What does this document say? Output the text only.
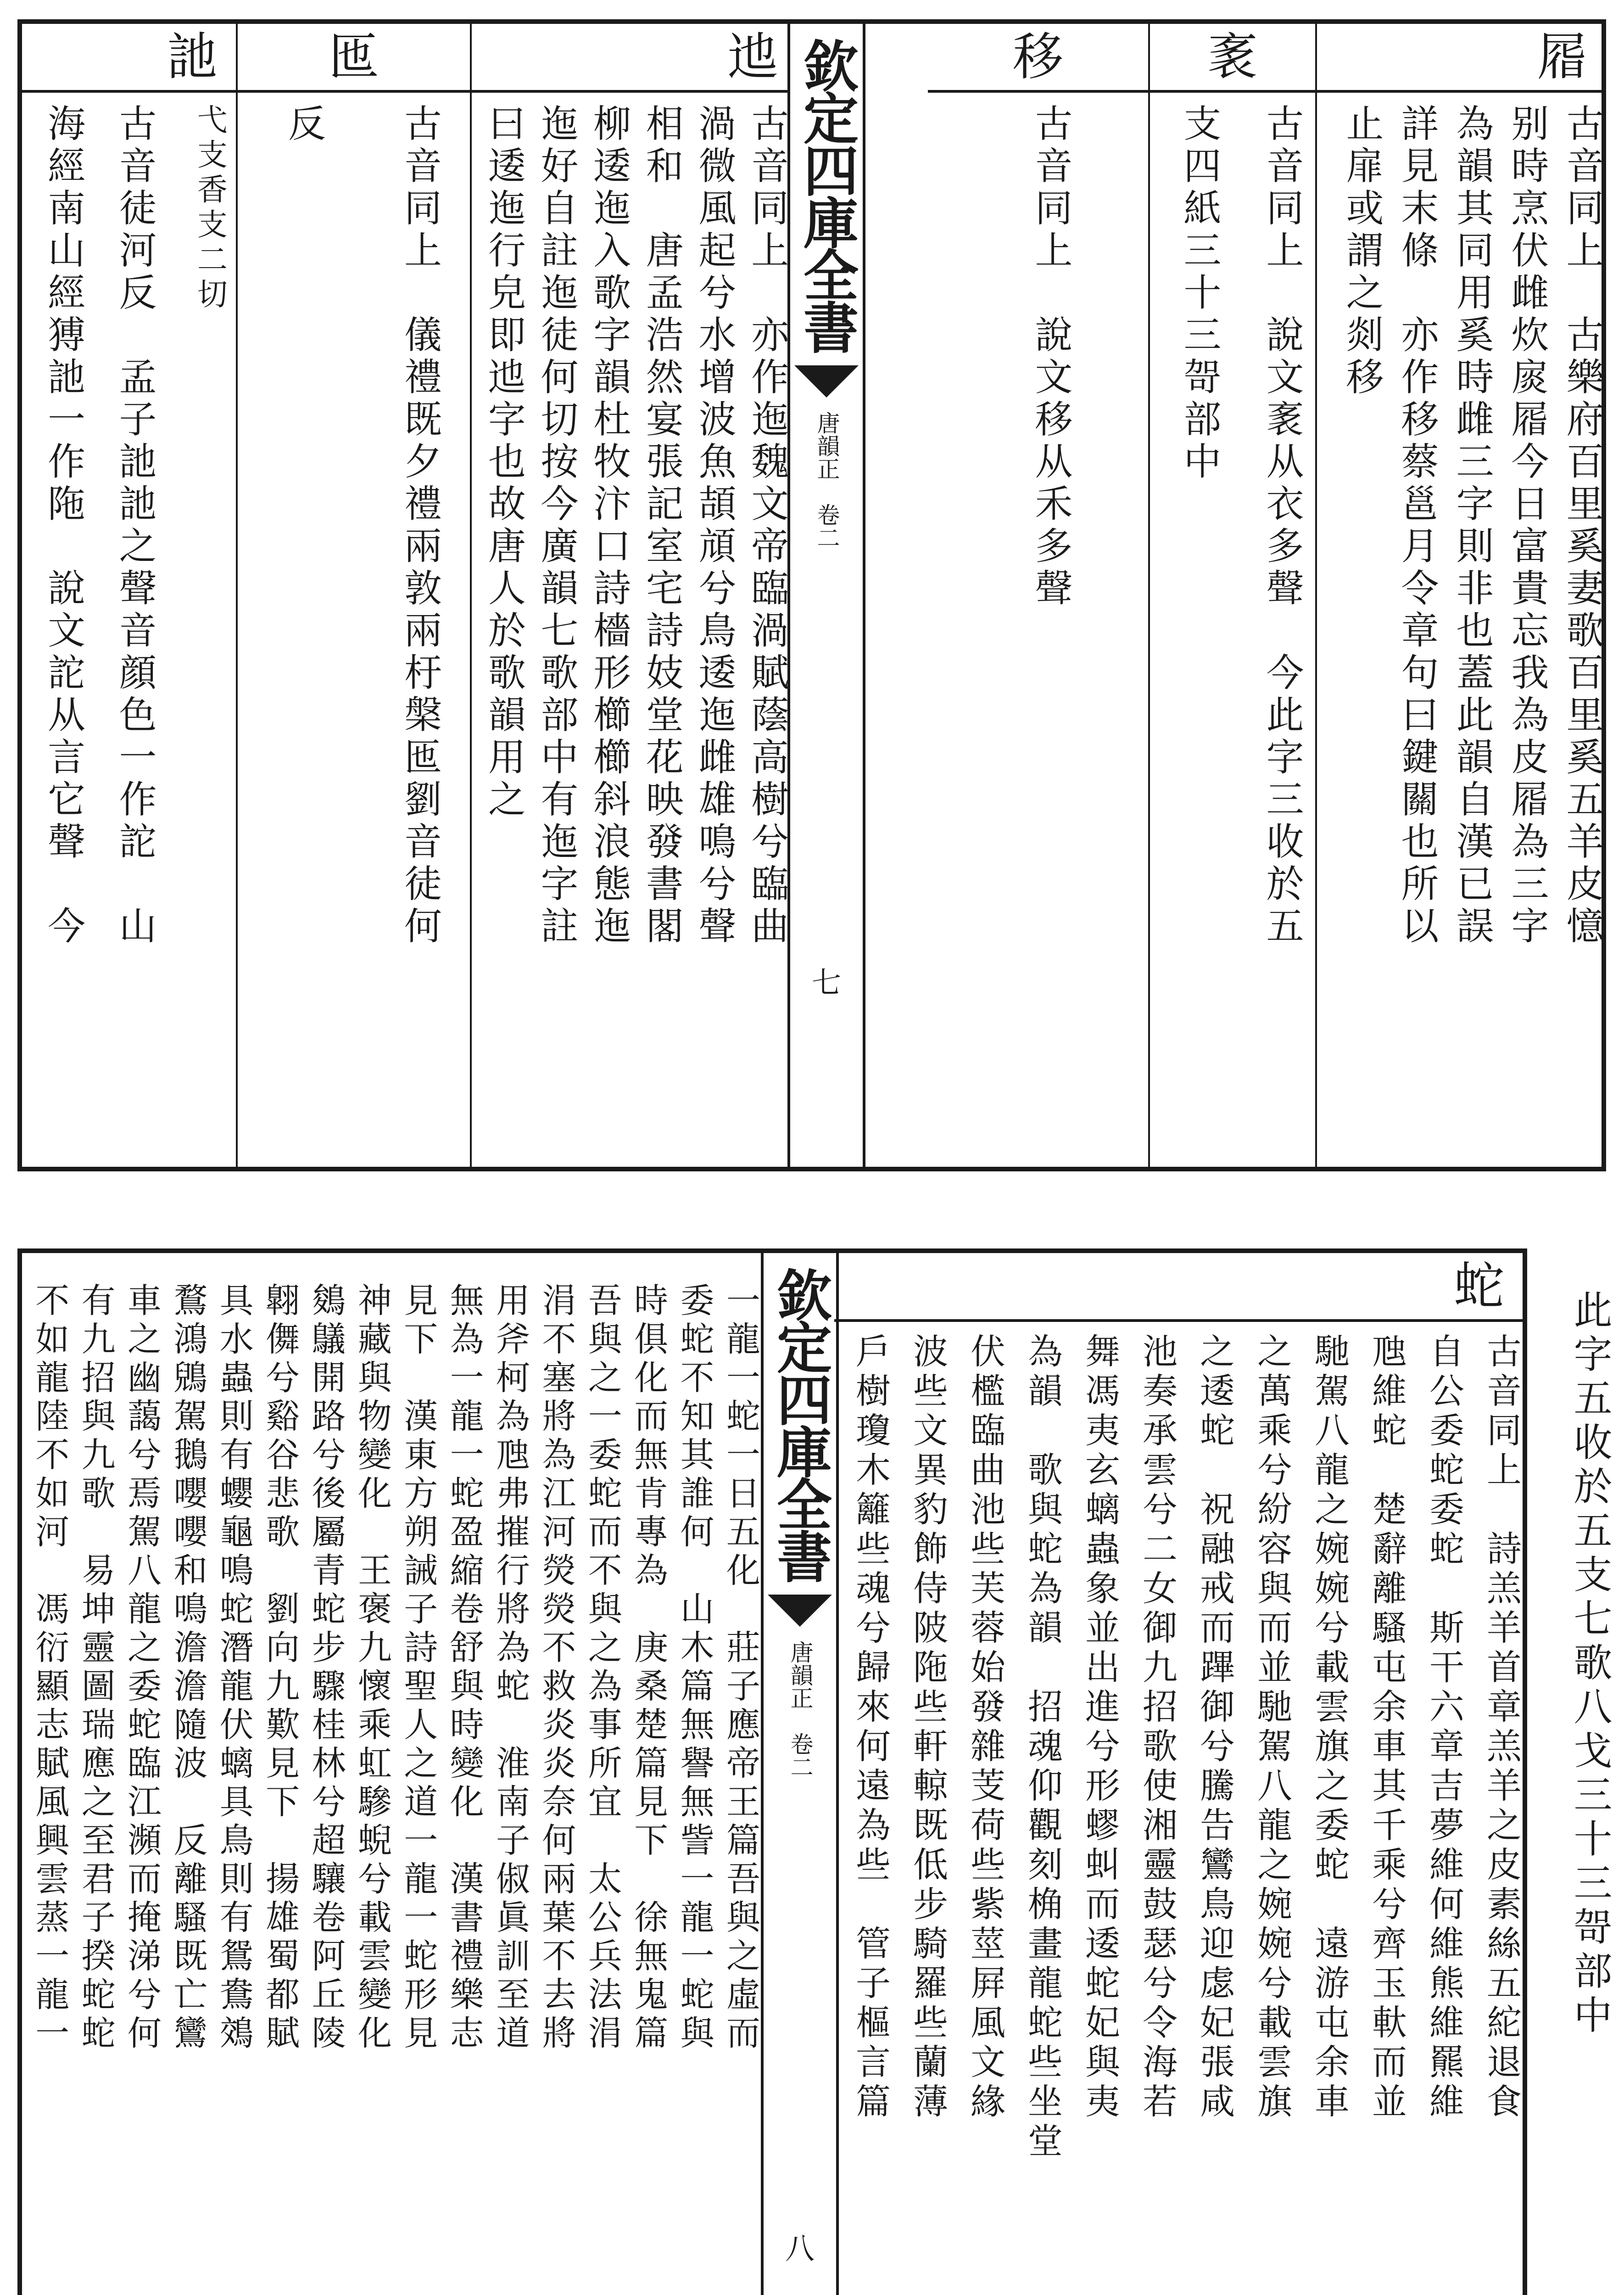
㞛
古音同上　古樂府百里奚妻歌百里奚五羊皮憶
别時烹伏雌炊扊㞛今日富貴忘我為皮㞛為三字
為韻其同用奚時雌三字則非也蓋此韻自漢已誤
詳見末條　亦作移蔡邕月令章句曰鍵關也所以
止扉或謂之剡移
袲
古音同上　說文袲从衣多聲　今此字三收於五
支四紙三十三哿部中
移
古音同上　說文移从禾多聲
欽定四庫全書
唐韻正　卷二
七
迆
古音同上　亦作迤魏文帝臨渦賦蔭高樹兮臨曲
渦微風起兮水增波魚頡頏兮鳥逶迤雌雄鳴兮聲
相和　唐孟浩然宴張記室宅詩妓堂花映發書閣
柳逶迤入歌字韻杜牧汴口詩檣形櫛櫛斜浪態迤
迤好自註迤徒何切按今廣韻七歌部中有迤字註
曰逶迤行皃即迆字也故唐人於歌韻用之
匜
古音同上　儀禮既夕禮兩敦兩杅槃匜劉音徒何
反
訑
弋支香支二切
古音徒河反　孟子訑訑之聲音顔色一作詑　山
海經南山經猼訑一作陁　說文詑从言它聲　今
此字五收於五支七歌八戈三十三哿部中
蛇
古音同上　詩羔羊首章羔羊之皮素絲五紽退食
自公委蛇委蛇　斯干六章吉夢維何維熊維羆維
虺維蛇　楚辭離騷屯余車其千乘兮齊玉軑而並
馳駕八龍之婉婉兮載雲旗之委蛇　遠游屯余車
之萬乘兮紛容與而並馳駕八龍之婉婉兮載雲旗
之逶蛇　祝融戒而蹕御兮騰告鸞鳥迎虙妃張咸
池奏承雲兮二女御九招歌使湘靈鼓瑟兮令海若
舞馮夷玄螭蟲象並出進兮形蟉虯而逶蛇妃與夷
為韻　歌與蛇為韻　招魂仰觀刻桷畫龍蛇些坐堂
伏檻臨曲池些芙蓉始發雜芰荷些紫莖屛風文緣
波些文異豹飾侍陂陁些軒輬既低步騎羅些蘭薄
戶樹瓊木籬些魂兮歸來何遠為些　管子樞言篇
欽定四庫全書
唐韻正　卷二
八
一龍一蛇一日五化　莊子應帝王篇吾與之虛而
委蛇不知其誰何　山木篇無譽無訾一龍一蛇與
時俱化而無肯專為　庚桑楚篇見下　徐無鬼篇
吾與之一委蛇而不與之為事所宜　太公兵法涓
涓不塞將為江河熒熒不救炎炎奈何兩葉不去將
用斧柯為虺弗摧行將為蛇　淮南子俶眞訓至道
無為一龍一蛇盈縮卷舒與時變化　漢書禮樂志
見下　漢東方朔誡子詩聖人之道一龍一蛇形見
神藏與物變化　王褒九懷乘虹驂蜺兮載雲變化
鵕鸃開路兮後屬青蛇步驟桂林兮超驤卷阿丘陵
翺儛兮谿谷悲歌　劉向九歎見下　揚雄蜀都賦
具水蟲則有蠳龜鳴蛇潛龍伏螭具鳥則有鴛鴦鵁
鶩鴻鶂駕鵝嚶嚶和鳴澹澹隨波　反離騷既亡鸞
車之幽藹兮焉駕八龍之委蛇臨江瀕而掩涕兮何
有九招與九歌　易坤靈圖瑞應之至君子揆蛇蛇
不如龍陸不如河　馮衍顯志賦風興雲蒸一龍一
